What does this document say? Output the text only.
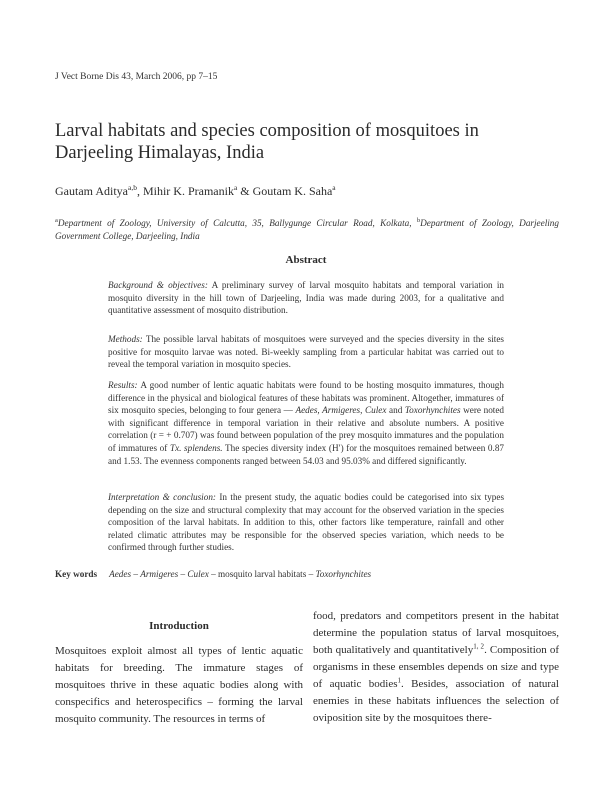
J Vect Borne Dis 43, March 2006, pp 7–15
Larval habitats and species composition of mosquitoes in Darjeeling Himalayas, India
Gautam Aditya$^{a,b}$, Mihir K. Pramanik$^a$ & Goutam K. Saha$^a$
$^a$Department of Zoology, University of Calcutta, 35, Ballygunge Circular Road, Kolkata, $^b$Department of Zoology, Darjeeling Government College, Darjeeling, India
Abstract
Background & objectives: A preliminary survey of larval mosquito habitats and temporal variation in mosquito diversity in the hill town of Darjeeling, India was made during 2003, for a qualitative and quantitative assessment of mosquito distribution.
Methods: The possible larval habitats of mosquitoes were surveyed and the species diversity in the sites positive for mosquito larvae was noted. Bi-weekly sampling from a particular habitat was carried out to reveal the temporal variation in mosquito species.
Results: A good number of lentic aquatic habitats were found to be hosting mosquito immatures, though difference in the physical and biological features of these habitats was prominent. Altogether, immatures of six mosquito species, belonging to four genera — Aedes, Armigeres, Culex and Toxorhynchites were noted with significant difference in temporal variation in their relative and absolute numbers. A positive correlation (r = + 0.707) was found between population of the prey mosquito immatures and the population of immatures of Tx. splendens. The species diversity index (H′) for the mosquitoes remained between 0.87 and 1.53. The evenness components ranged between 54.03 and 95.03% and differed significantly.
Interpretation & conclusion: In the present study, the aquatic bodies could be categorised into six types depending on the size and structural complexity that may account for the observed variation in the species composition of the larval habitats. In addition to this, other factors like temperature, rainfall and other related climatic attributes may be responsible for the observed species variation, which needs to be confirmed through further studies.
Key words Aedes – Armigeres – Culex – mosquito larval habitats – Toxorhynchites
Introduction
Mosquitoes exploit almost all types of lentic aquatic habitats for breeding. The immature stages of mosquitoes thrive in these aquatic bodies along with conspecifics and heterospecifics – forming the larval mosquito community. The resources in terms of
food, predators and competitors present in the habitat determine the population status of larval mosquitoes, both qualitatively and quantitatively$^{1, 2}$. Composition of organisms in these ensembles depends on size and type of aquatic bodies$^1$. Besides, association of natural enemies in these habitats influences the selection of oviposition site by the mosquitoes there-
